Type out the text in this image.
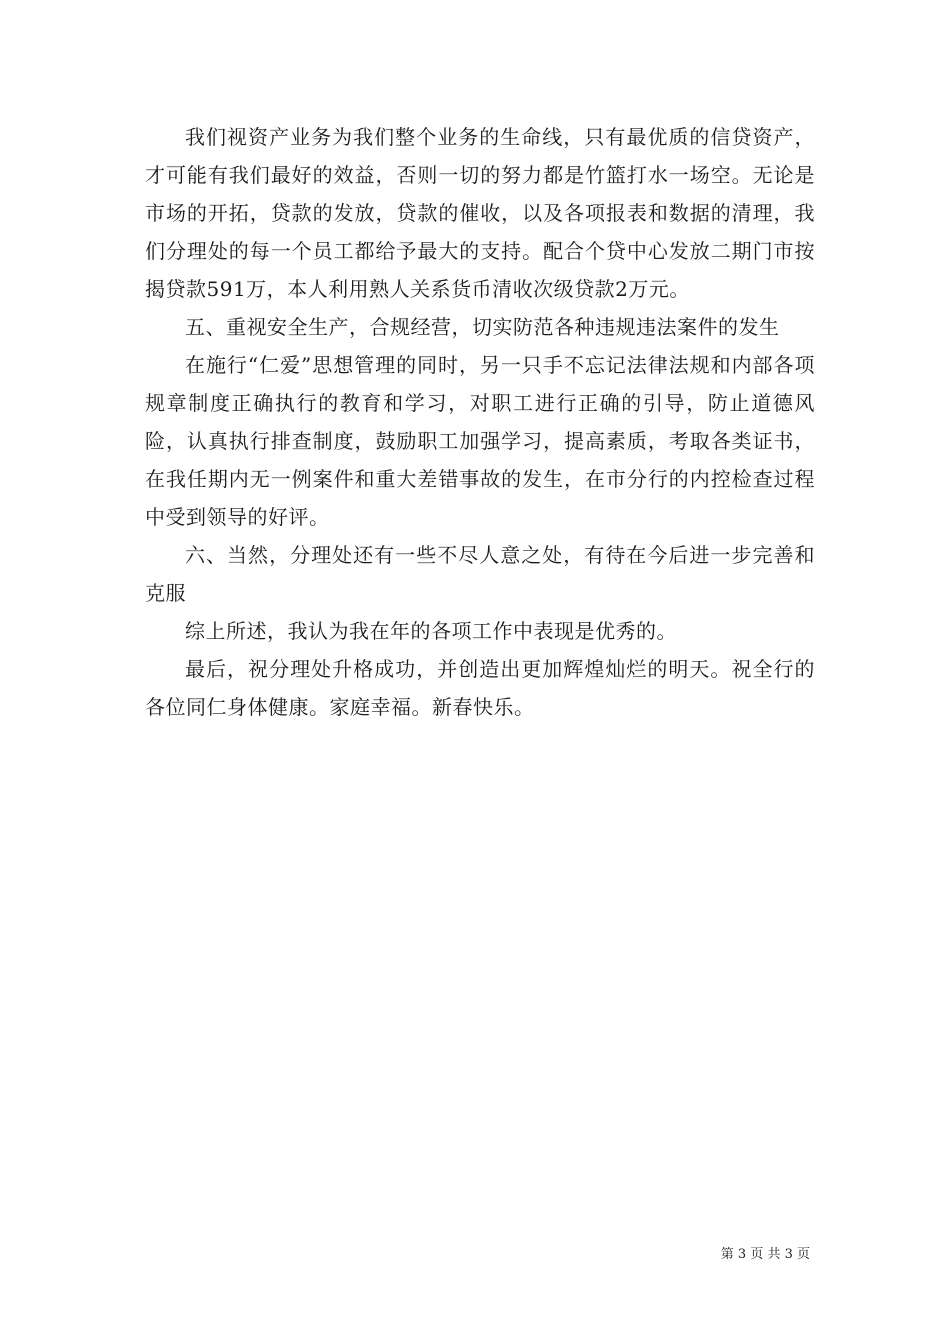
我们视资产业务为我们整个业务的生命线，只有最优质的信贷资产，才可能有我们最好的效益，否则一切的努力都是竹篮打水一场空。无论是市场的开拓，贷款的发放，贷款的催收，以及各项报表和数据的清理，我们分理处的每一个员工都给予最大的支持。配合个贷中心发放二期门市按揭贷款591万，本人利用熟人关系货币清收次级贷款2万元。

五、重视安全生产，合规经营，切实防范各种违规违法案件的发生

在施行“仁爱”思想管理的同时，另一只手不忘记法律法规和内部各项规章制度正确执行的教育和学习，对职工进行正确的引导，防止道德风险，认真执行排查制度，鼓励职工加强学习，提高素质，考取各类证书，在我任期内无一例案件和重大差错事故的发生，在市分行的内控检查过程中受到领导的好评。

六、当然，分理处还有一些不尽人意之处，有待在今后进一步完善和克服

综上所述，我认为我在年的各项工作中表现是优秀的。

最后，祝分理处升格成功，并创造出更加辉煌灿烂的明天。祝全行的各位同仁身体健康。家庭幸福。新春快乐。

第 3 页 共 3 页
